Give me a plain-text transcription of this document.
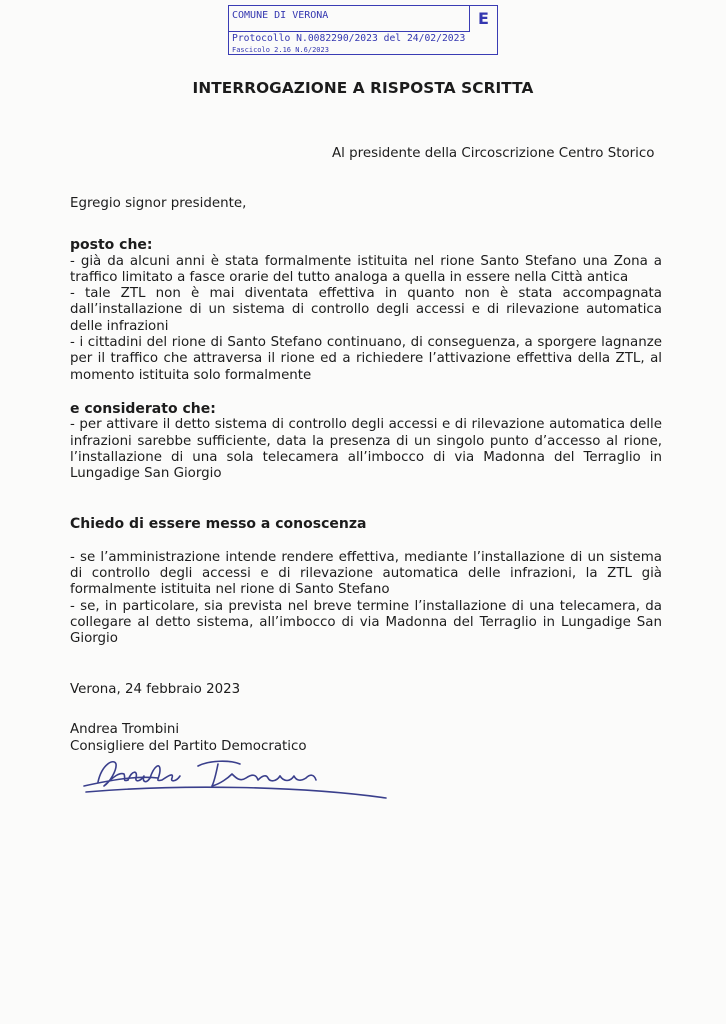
COMUNE DI VERONA	E
Protocollo N.0082290/2023 del 24/02/2023
Fascicolo 2.16 N.6/2023
INTERROGAZIONE A RISPOSTA SCRITTA
Al presidente della Circoscrizione Centro Storico

Egregio signor presidente,

posto che:

- già da alcuni anni è stata formalmente istituita nel rione Santo Stefano una Zona a traffico limitato a fasce orarie del tutto analoga a quella in essere nella Città antica

- tale ZTL non è mai diventata effettiva in quanto non è stata accompagnata dall’installazione di un sistema di controllo degli accessi e di rilevazione automatica delle infrazioni

- i cittadini del rione di Santo Stefano continuano, di conseguenza, a sporgere lagnanze per il traffico che attraversa il rione ed a richiedere l’attivazione effettiva della ZTL, al momento istituita solo formalmente

e considerato che:

- per attivare il detto sistema di controllo degli accessi e di rilevazione automatica delle infrazioni sarebbe sufficiente, data la presenza di un singolo punto d’accesso al rione, l’installazione di una sola telecamera all’imbocco di via Madonna del Terraglio in Lungadige San Giorgio

Chiedo di essere messo a conoscenza

- se l’amministrazione intende rendere effettiva, mediante l’installazione di un sistema di controllo degli accessi e di rilevazione automatica delle infrazioni, la ZTL già formalmente istituita nel rione di Santo Stefano

- se, in particolare, sia prevista nel breve termine l’installazione di una telecamera, da collegare al detto sistema, all’imbocco di via Madonna del Terraglio in Lungadige San Giorgio

Verona, 24 febbraio 2023

Andrea Trombini
Consigliere del Partito Democratico
